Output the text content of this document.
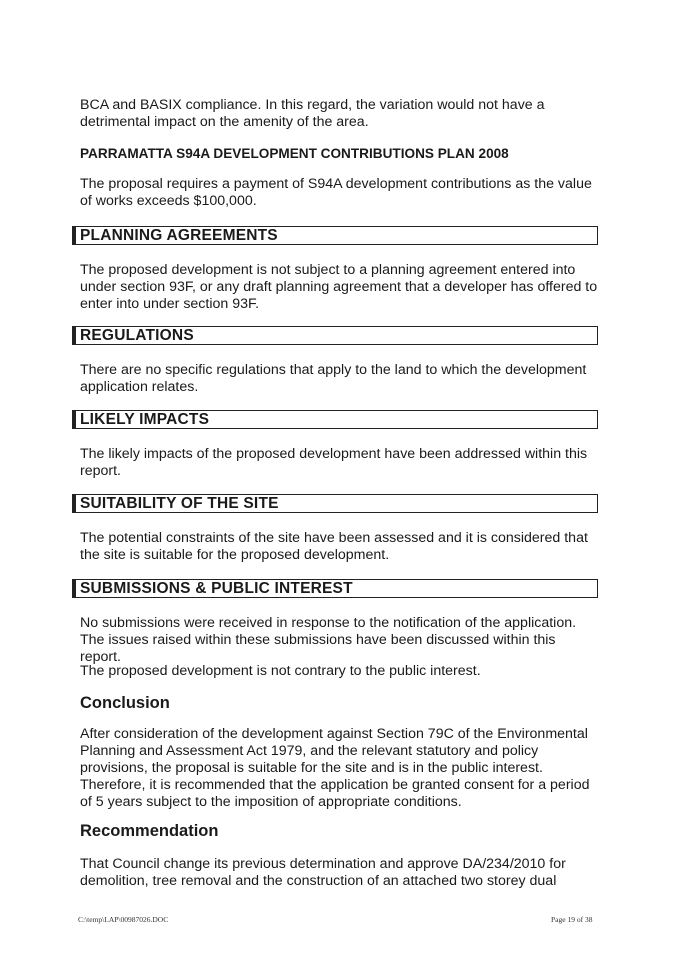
BCA and BASIX compliance. In this regard, the variation would not have a detrimental impact on the amenity of the area.

PARRAMATTA S94A DEVELOPMENT CONTRIBUTIONS PLAN 2008

The proposal requires a payment of S94A development contributions as the value of works exceeds $100,000.

PLANNING AGREEMENTS

The proposed development is not subject to a planning agreement entered into under section 93F, or any draft planning agreement that a developer has offered to enter into under section 93F.

REGULATIONS

There are no specific regulations that apply to the land to which the development application relates.

LIKELY IMPACTS

The likely impacts of the proposed development have been addressed within this report.

SUITABILITY OF THE SITE

The potential constraints of the site have been assessed and it is considered that the site is suitable for the proposed development.

SUBMISSIONS & PUBLIC INTEREST

No submissions were received in response to the notification of the application. The issues raised within these submissions have been discussed within this report.

The proposed development is not contrary to the public interest.

Conclusion

After consideration of the development against Section 79C of the Environmental Planning and Assessment Act 1979, and the relevant statutory and policy provisions, the proposal is suitable for the site and is in the public interest. Therefore, it is recommended that the application be granted consent for a period of 5 years subject to the imposition of appropriate conditions.

Recommendation

That Council change its previous determination and approve DA/234/2010 for demolition, tree removal and the construction of an attached two storey dual

C:\temp\LAP\00987026.DOC	Page 19 of 38
